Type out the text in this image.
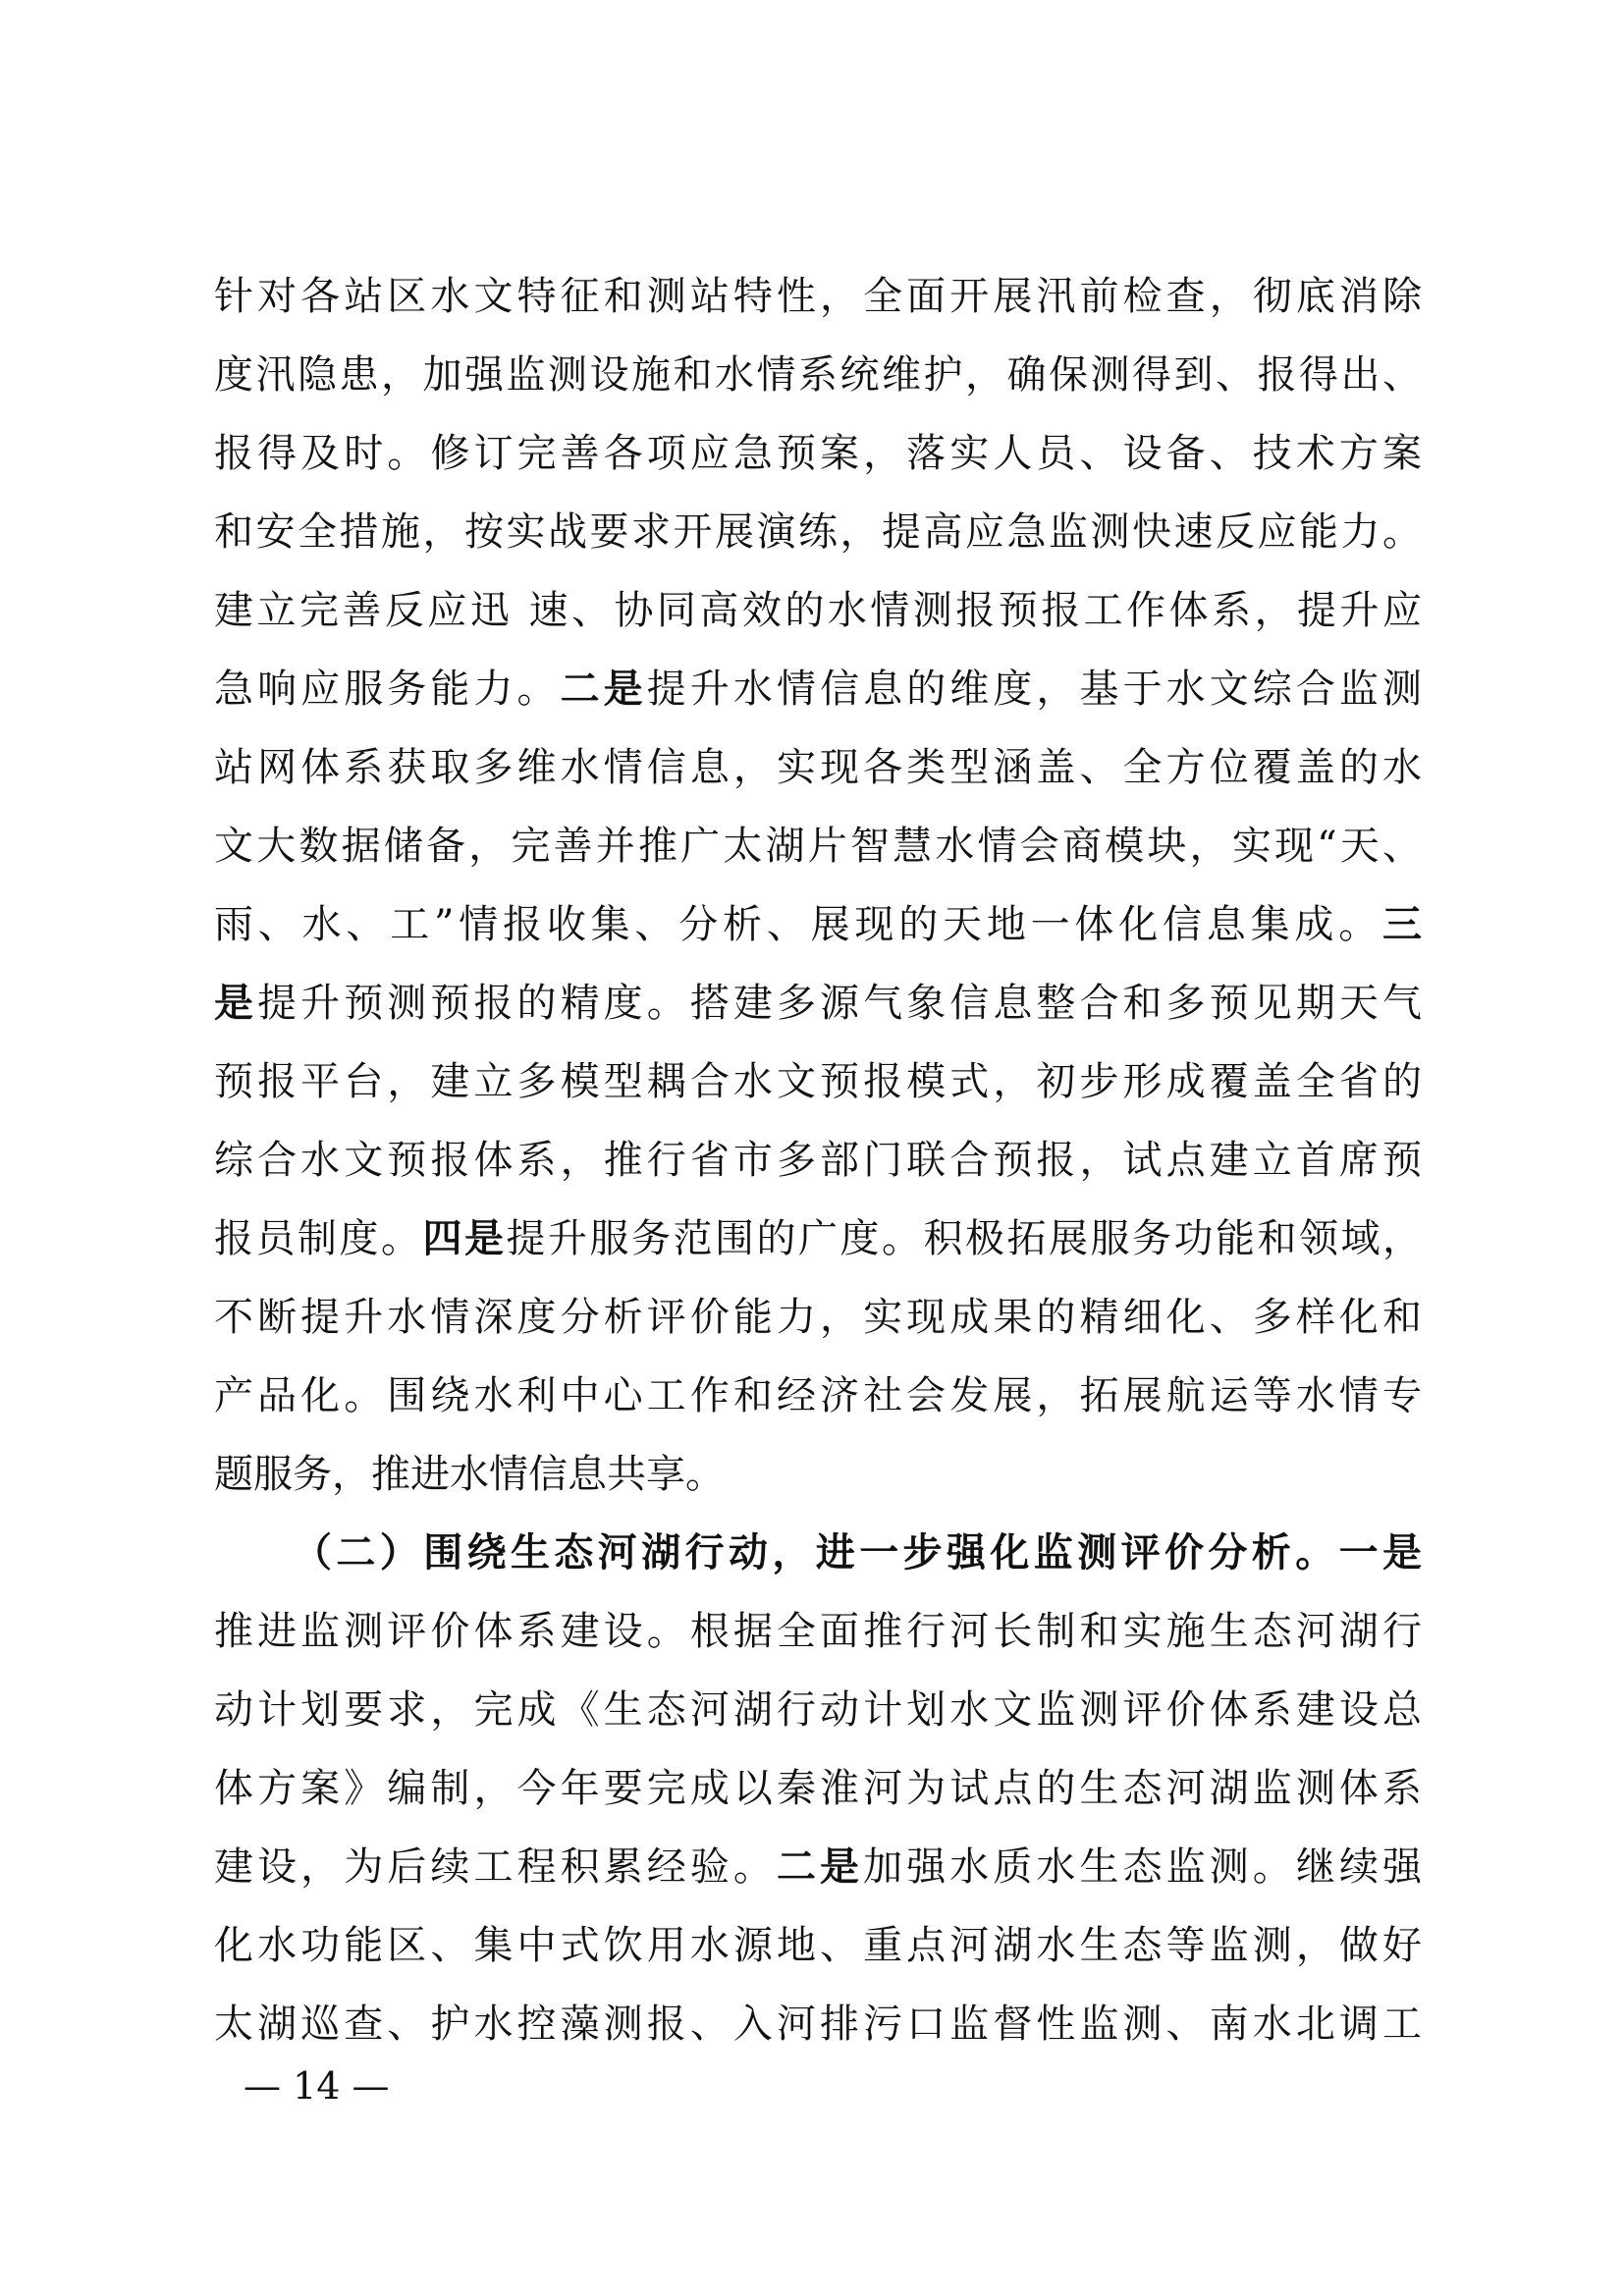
针对各站区水文特征和测站特性，全面开展汛前检查，彻底消除
度汛隐患，加强监测设施和水情系统维护，确保测得到、报得出、
报得及时。修订完善各项应急预案，落实人员、设备、技术方案
和安全措施，按实战要求开展演练，提高应急监测快速反应能力。
建立完善反应迅 速、协同高效的水情测报预报工作体系，提升应
急响应服务能力。二是提升水情信息的维度，基于水文综合监测
站网体系获取多维水情信息，实现各类型涵盖、全方位覆盖的水
文大数据储备，完善并推广太湖片智慧水情会商模块，实现“天、
雨、水、工”情报收集、分析、展现的天地一体化信息集成。三
是提升预测预报的精度。搭建多源气象信息整合和多预见期天气
预报平台，建立多模型耦合水文预报模式，初步形成覆盖全省的
综合水文预报体系，推行省市多部门联合预报，试点建立首席预
报员制度。四是提升服务范围的广度。积极拓展服务功能和领域，
不断提升水情深度分析评价能力，实现成果的精细化、多样化和
产品化。围绕水利中心工作和经济社会发展，拓展航运等水情专
题服务，推进水情信息共享。
（二）围绕生态河湖行动，进一步强化监测评价分析。一是
推进监测评价体系建设。根据全面推行河长制和实施生态河湖行
动计划要求，完成《生态河湖行动计划水文监测评价体系建设总
体方案》编制，今年要完成以秦淮河为试点的生态河湖监测体系
建设，为后续工程积累经验。二是加强水质水生态监测。继续强
化水功能区、集中式饮用水源地、重点河湖水生态等监测，做好
太湖巡查、护水控藻测报、入河排污口监督性监测、南水北调工
— 14 —
